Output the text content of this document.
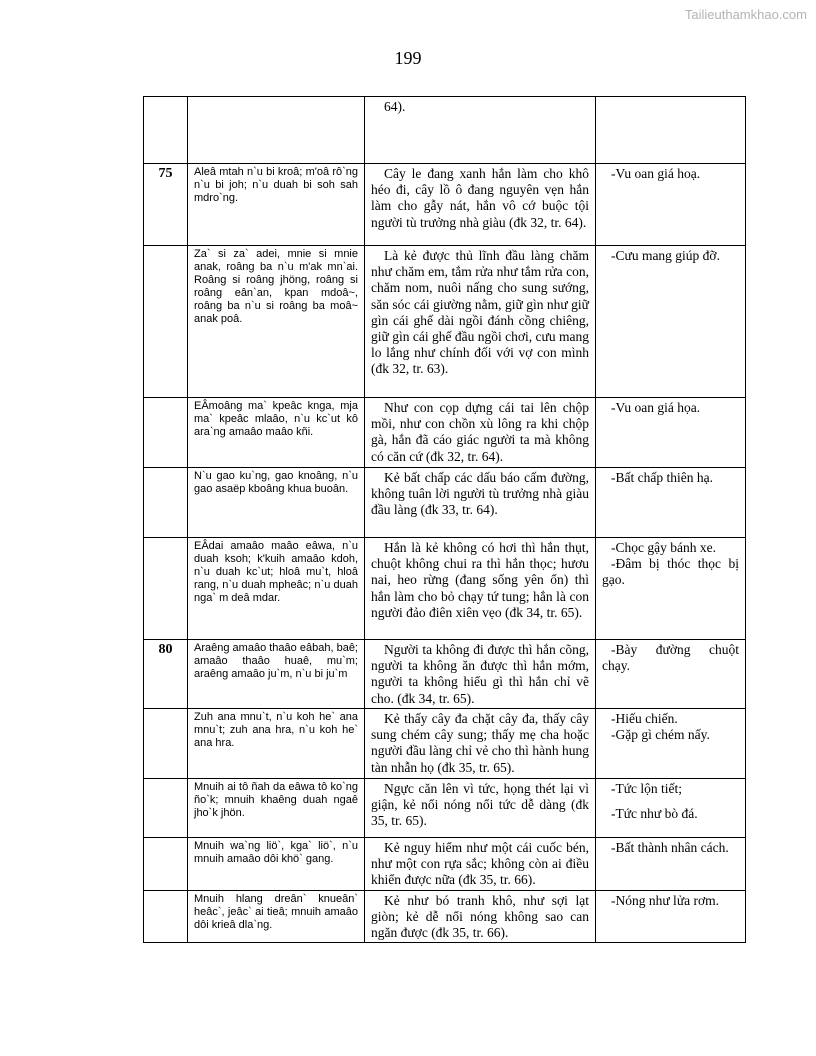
Tailieuthamkhao.com
199
		64).	
75	Aleâ mtah n`u bi kroâ; m'oâ rô`ng n`u bi joh; n`u duah bi soh sah mdro`ng.	Cây le đang xanh hắn làm cho khô héo đi, cây lồ ô đang nguyên vẹn hắn làm cho gẫy nát, hắn vô cớ buộc tội người tù trưởng nhà giàu (đk 32, tr. 64).	-Vu oan giá hoạ.
	Za` si za` adei, mnie si mnie anak, roâng ba n`u m'ak mn`ai. Roâng si roâng jhöng, roâng si roâng eân`an, kpan mdoâ~, roâng ba n`u si roâng ba moâ~ anak poâ.	Là kẻ được thủ lĩnh đầu làng chăm như chăm em, tắm rửa như tắm rửa con, chăm nom, nuôi nấng cho sung sướng, săn sóc cái giường nằm, giữ gìn như giữ gìn cái ghế dài ngồi đánh cồng chiêng, giữ gìn cái ghế đầu ngồi chơi, cưu mang lo lắng như chính đối với vợ con mình (đk 32, tr. 63).	-Cưu mang giúp đỡ.
	EÂmoâng ma` kpeâc knga, mja ma` kpeâc mlaâo, n`u kc`ut kô ara`ng amaâo maâo kñi.	Như con cọp dựng cái tai lên chộp mồi, như con chồn xù lông ra khi chộp gà, hắn đã cáo giác người ta mà không có căn cứ (đk 32, tr. 64).	-Vu oan giá họa.
	N`u gao ku`ng, gao knoâng, n`u gao asaëp kboâng khua buoân.	Kẻ bất chấp các dấu báo cấm đường, không tuân lời người tù trưởng nhà giàu đầu làng (đk 33, tr. 64).	-Bất chấp thiên hạ.
	EÂdai amaâo maâo eâwa, n`u duah ksoh; k'kuih amaâo kdoh, n`u duah kc`ut; hloâ mu`t, hloâ rang, n`u duah mpheâc; n`u duah nga` m deâ mdar.	Hắn là kẻ không có hơi thì hắn thụt, chuột không chui ra thì hắn thọc; hươu nai, heo rừng (đang sống yên ổn) thì hắn làm cho bỏ chạy tứ tung; hắn là con người đảo điên xiên vẹo (đk 34, tr. 65).	-Chọc gậy bánh xe.
-Đâm bị thóc thọc bị gạo.

80	Araêng amaâo thaâo eâbah, baê; amaâo thaâo huaê, mu`m; araêng amaâo ju`m, n`u bi ju`m	Người ta không đi được thì hắn cõng, người ta không ăn được thì hắn mớm, người ta không hiểu gì thì hắn chỉ vẽ cho. (đk 34, tr. 65).	-Bày đường chuột chạy.
	Zuh ana mnu`t, n`u koh he` ana mnu`t; zuh ana hra, n`u koh he` ana hra.	Kẻ thấy cây đa chặt cây đa, thấy cây sung chém cây sung; thấy mẹ cha hoặc người đầu làng chỉ vẻ cho thì hành hung tàn nhẫn họ (đk 35, tr. 65).	-Hiếu chiến.
-Gặp gì chém nấy.

	Mnuih ai tô ñah da eâwa tô ko`ng ño`k; mnuih khaêng duah ngaê jho`k jhön.	Ngực căn lên vì tức, họng thét lại vì giận, kẻ nổi nóng nổi tức dễ dàng (đk 35, tr. 65).	-Tức lộn tiết;
-Tức như bò đá.

	Mnuih wa`ng liö`, kga` liö`, n`u mnuih amaâo dôi khö` gang.	Kẻ nguy hiểm như một cái cuốc bén, như một con rựa sắc; không còn ai điều khiển được nữa (đk 35, tr. 66).	-Bất thành nhân cách.
	Mnuih hlang dreân` knueân` heâc`, jeâc` ai tieâ; mnuih amaâo dôi krieâ dla`ng.	Kẻ như bó tranh khô, như sợi lạt giòn; kẻ dễ nổi nóng không sao can ngăn được (đk 35, tr. 66).	-Nóng như lửa rơm.
